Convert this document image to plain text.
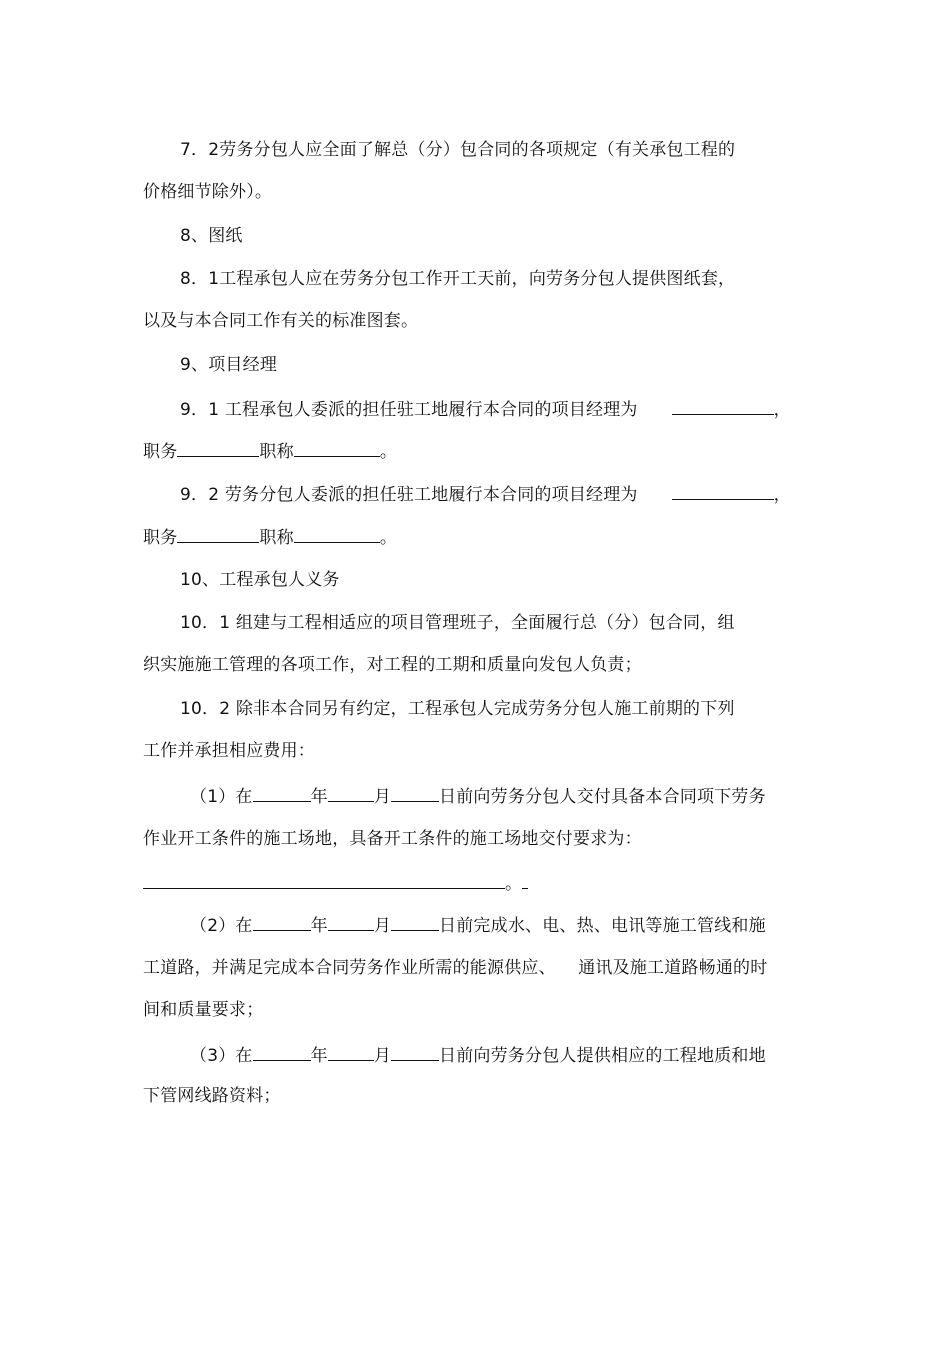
7．2劳务分包人应全面了解总（分）包合同的各项规定（有关承包工程的
价格细节除外）。
8、图纸
8．1工程承包人应在劳务分包工作开工天前，向劳务分包人提供图纸套，
以及与本合同工作有关的标准图套。
9、项目经理
9．1 工程承包人委派的担任驻工地履行本合同的项目经理为	，
职务	职称	。
9．2 劳务分包人委派的担任驻工地履行本合同的项目经理为	，
职务	职称	。
10、工程承包人义务
10．1 组建与工程相适应的项目管理班子，全面履行总（分）包合同，组
织实施施工管理的各项工作，对工程的工期和质量向发包人负责；
10．2 除非本合同另有约定，工程承包人完成劳务分包人施工前期的下列
工作并承担相应费用：
（1）在	年	月	日前向劳务分包人交付具备本合同项下劳务
作业开工条件的施工场地，具备开工条件的施工场地交付要求为：
。
（2）在	年	月	日前完成水、电、热、电讯等施工管线和施
工道路，并满足完成本合同劳务作业所需的能源供应、    通讯及施工道路畅通的时
间和质量要求；
（3）在	年	月	日前向劳务分包人提供相应的工程地质和地
下管网线路资料；
